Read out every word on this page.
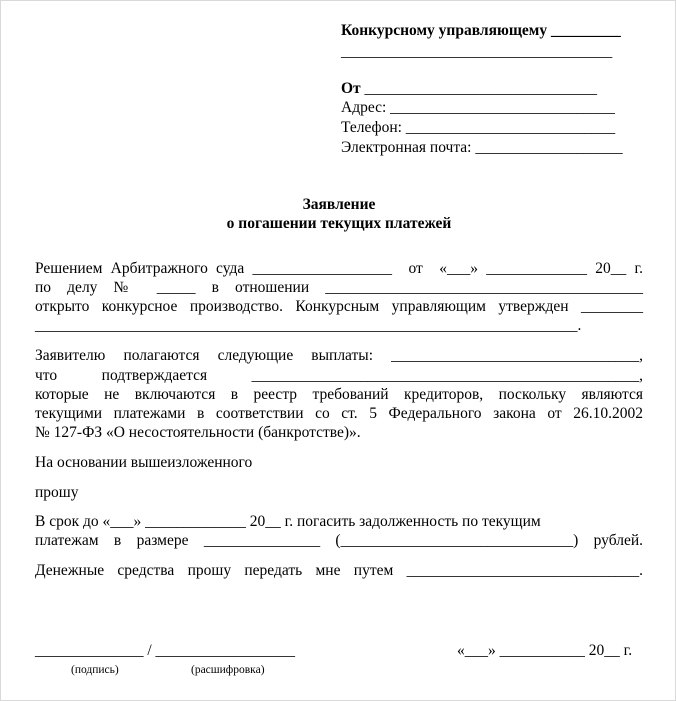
Конкурсному управляющему _________
___________________________________
От ______________________________
Адрес: _____________________________
Телефон: ___________________________
Электронная почта: ___________________
Заявление
о погашении текущих платежей
Решением Арбитражного суда __________________  от  «___» _____________ 20__ г.
по делу № _____ в отношении _________________________________________
открыто конкурсное производство. Конкурсным управляющим утвержден ________
______________________________________________________________________.
Заявителю полагаются следующие выплаты: ________________________________,
что подтверждается __________________________________________________,
которые не включаются в реестр требований кредиторов, поскольку являются
текущими платежами в соответствии со ст. 5 Федерального закона от 26.10.2002
№ 127-ФЗ «О несостоятельности (банкротстве)».
На основании вышеизложенного
прошу
В срок до «___» _____________ 20__ г. погасить задолженность по текущим
платежам в размере _______________ (______________________________) рублей.
Денежные средства прошу передать мне путем ______________________________.
______________ / __________________	«___» ___________ 20__ г.
(подпись)	(расшифровка)
